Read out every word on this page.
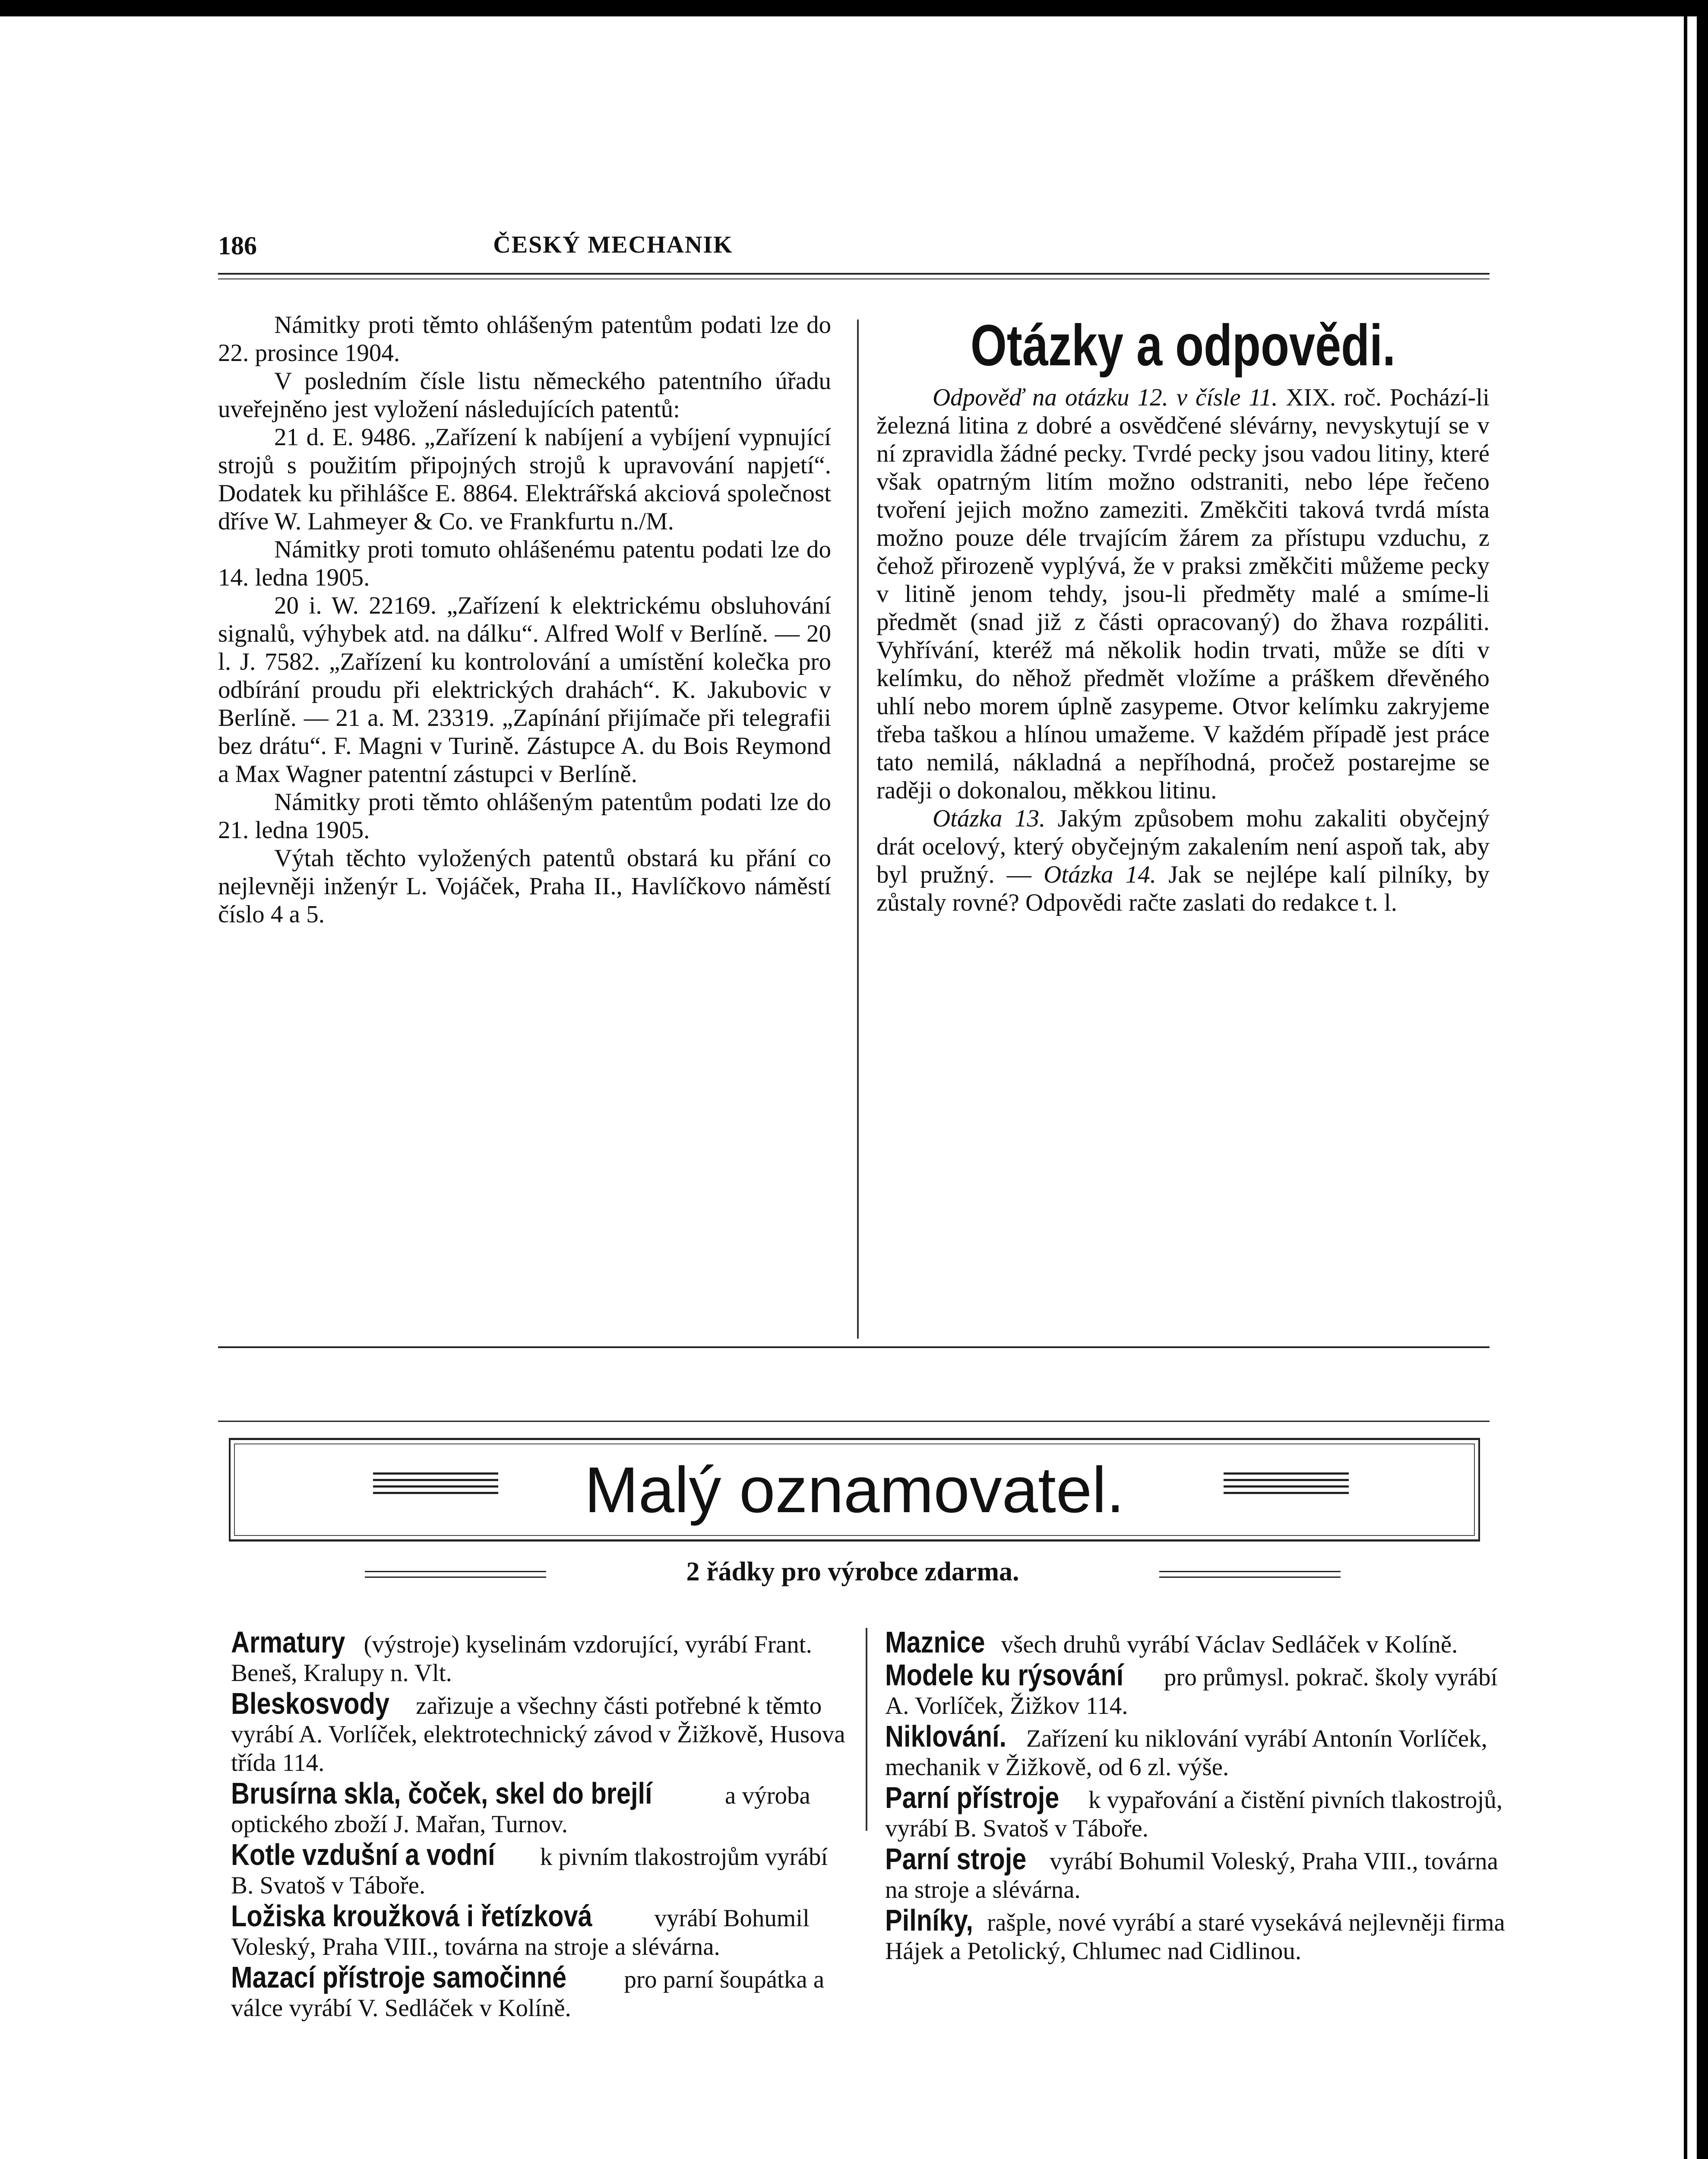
186	ČESKÝ MECHANIK

Námitky proti těmto ohlášeným patentům podati lze do 22. prosince 1904.

V posledním čísle listu německého patentního úřadu uveřejněno jest vyložení následujících patentů:

21 d. E. 9486. „Zařízení k nabíjení a vybíjení vypnující strojů s použitím připojných strojů k upravování napjetí“. Dodatek ku přihlášce E. 8864. Elektrářská akciová společnost dříve W. Lahmeyer & Co. ve Frankfurtu n./M.

Námitky proti tomuto ohlášenému patentu podati lze do 14. ledna 1905.

20 i. W. 22169. „Zařízení k elektrickému obsluhování signalů, výhybek atd. na dálku“. Alfred Wolf v Berlíně. — 20 l. J. 7582. „Zařízení ku kontrolování a umístění kolečka pro odbírání proudu při elektrických drahách“. K. Jakubovic v Berlíně. — 21 a. M. 23319. „Zapínání přijímače při telegrafii bez drátu“. F. Magni v Turině. Zástupce A. du Bois Reymond a Max Wagner patentní zástupci v Berlíně.

Námitky proti těmto ohlášeným patentům podati lze do 21. ledna 1905.

Výtah těchto vyložených patentů obstará ku přání co nejlevněji inženýr L. Vojáček, Praha II., Havlíčkovo náměstí číslo 4 a 5.

Otázky a odpovědi.

Odpověď na otázku 12. v čísle 11. XIX. roč. Pochází-li železná litina z dobré a osvědčené slévárny, nevyskytují se v ní zpravidla žádné pecky. Tvrdé pecky jsou vadou litiny, které však opatrným litím možno odstraniti, nebo lépe řečeno tvoření jejich možno zameziti. Změkčiti taková tvrdá místa možno pouze déle trvajícím žárem za přístupu vzduchu, z čehož přirozeně vyplývá, že v praksi změkčiti můžeme pecky v litině jenom tehdy, jsou-li předměty malé a smíme-li předmět (snad již z části opracovaný) do žhava rozpáliti. Vyhřívání, kteréž má několik hodin trvati, může se díti v kelímku, do něhož předmět vložíme a práškem dřevěného uhlí nebo morem úplně zasypeme. Otvor kelímku zakryjeme třeba taškou a hlínou umažeme. V každém případě jest práce tato nemilá, nákladná a nepříhodná, pročež postarejme se raději o dokonalou, měkkou litinu.

Otázka 13. Jakým způsobem mohu zakaliti obyčejný drát ocelový, který obyčejným zakalením není aspoň tak, aby byl pružný. — Otázka 14. Jak se nejlépe kalí pilníky, by zůstaly rovné? Odpovědi račte zaslati do redakce t. l.

Malý oznamovatel.
2 řádky pro výrobce zdarma.

Armatury (výstroje) kyselinám vzdorující, vyrábí Frant. Beneš, Kralupy n. Vlt.

Bleskosvody zařizuje a všechny části potřebné k těmto vyrábí A. Vorlíček, elektrotechnický závod v Žižkově, Husova třída 114.

Brusírna skla, čoček, skel do brejlí	a výroba optického zboží J. Mařan, Turnov.

Kotle vzdušní a vodní k pivním tlakostrojům vyrábí B. Svatoš v Táboře.

Ložiska kroužková i řetízková	vyrábí Bohumil Voleský, Praha VIII., továrna na stroje a slévárna.

Mazací přístroje samočinné pro parní šoupátka a válce vyrábí V. Sedláček v Kolíně.

Maznice všech druhů vyrábí Václav Sedláček v Kolíně.

Modele ku rýsování pro průmysl. pokrač. školy vyrábí A. Vorlíček, Žižkov 114.

Niklování. Zařízení ku niklování vyrábí Antonín Vorlíček, mechanik v Žižkově, od 6 zl. výše.

Parní přístroje k vypařování a čistění pivních tlakostrojů, vyrábí B. Svatoš v Táboře.

Parní stroje vyrábí Bohumil Voleský, Praha VIII., továrna na stroje a slévárna.

Pilníky, rašple, nové vyrábí a staré vysekává nejlevněji firma Hájek a Petolický, Chlumec nad Cidlinou.
